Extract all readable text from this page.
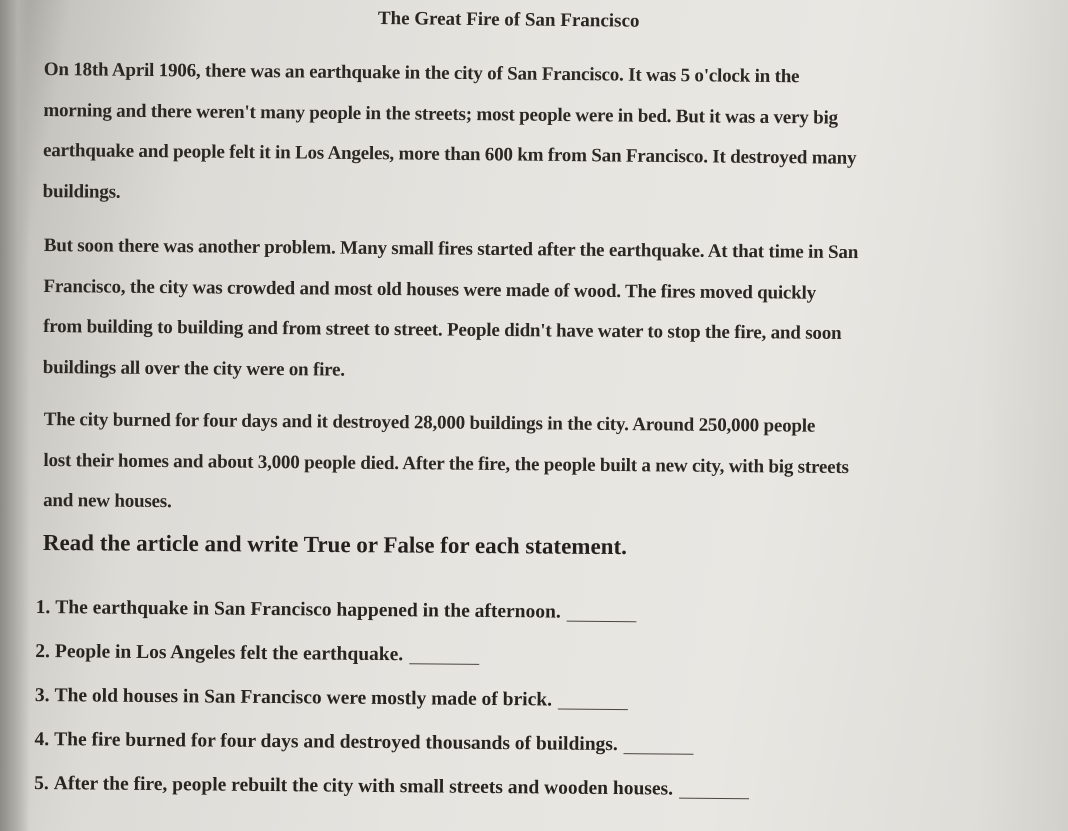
The Great Fire of San Francisco
On 18th April 1906, there was an earthquake in the city of San Francisco. It was 5 o'clock in the
morning and there weren't many people in the streets; most people were in bed. But it was a very big
earthquake and people felt it in Los Angeles, more than 600 km from San Francisco. It destroyed many
buildings.
But soon there was another problem. Many small fires started after the earthquake. At that time in San
Francisco, the city was crowded and most old houses were made of wood. The fires moved quickly
from building to building and from street to street. People didn't have water to stop the fire, and soon
buildings all over the city were on fire.
The city burned for four days and it destroyed 28,000 buildings in the city. Around 250,000 people
lost their homes and about 3,000 people died. After the fire, the people built a new city, with big streets
and new houses.
Read the article and write True or False for each statement.
1. The earthquake in San Francisco happened in the afternoon.
2. People in Los Angeles felt the earthquake.
3. The old houses in San Francisco were mostly made of brick.
4. The fire burned for four days and destroyed thousands of buildings.
5. After the fire, people rebuilt the city with small streets and wooden houses.
